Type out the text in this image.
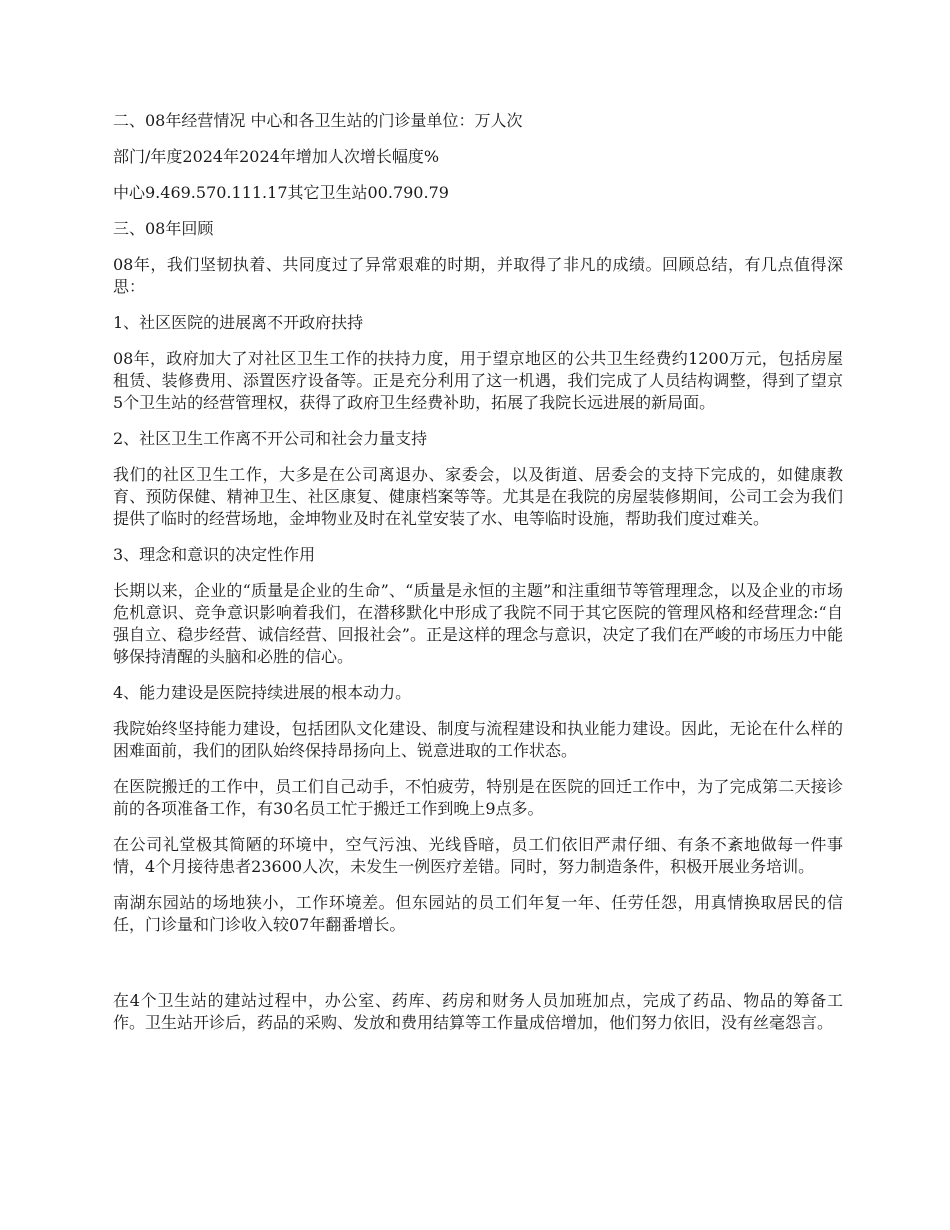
二、08年经营情况 中心和各卫生站的门诊量单位：万人次

部门/年度2024年2024年增加人次增长幅度%

中心9.469.570.111.17其它卫生站00.790.79

三、08年回顾

08年，我们坚韧执着、共同度过了异常艰难的时期，并取得了非凡的成绩。回顾总结，有几点值得深思：

1、社区医院的进展离不开政府扶持

08年，政府加大了对社区卫生工作的扶持力度，用于望京地区的公共卫生经费约1200万元，包括房屋租赁、装修费用、添置医疗设备等。正是充分利用了这一机遇，我们完成了人员结构调整，得到了望京5个卫生站的经营管理权，获得了政府卫生经费补助，拓展了我院长远进展的新局面。

2、社区卫生工作离不开公司和社会力量支持

我们的社区卫生工作，大多是在公司离退办、家委会，以及街道、居委会的支持下完成的，如健康教育、预防保健、精神卫生、社区康复、健康档案等等。尤其是在我院的房屋装修期间，公司工会为我们提供了临时的经营场地，金坤物业及时在礼堂安装了水、电等临时设施，帮助我们度过难关。

3、理念和意识的决定性作用

长期以来，企业的“质量是企业的生命”、“质量是永恒的主题”和注重细节等管理理念，以及企业的市场危机意识、竞争意识影响着我们，在潜移默化中形成了我院不同于其它医院的管理风格和经营理念:“自强自立、稳步经营、诚信经营、回报社会”。正是这样的理念与意识，决定了我们在严峻的市场压力中能够保持清醒的头脑和必胜的信心。

4、能力建设是医院持续进展的根本动力。

我院始终坚持能力建设，包括团队文化建设、制度与流程建设和执业能力建设。因此，无论在什么样的困难面前，我们的团队始终保持昂扬向上、锐意进取的工作状态。

在医院搬迁的工作中，员工们自己动手，不怕疲劳，特别是在医院的回迁工作中，为了完成第二天接诊前的各项准备工作，有30名员工忙于搬迁工作到晚上9点多。

在公司礼堂极其简陋的环境中，空气污浊、光线昏暗，员工们依旧严肃仔细、有条不紊地做每一件事情，4个月接待患者23600人次，未发生一例医疗差错。同时，努力制造条件，积极开展业务培训。

南湖东园站的场地狭小，工作环境差。但东园站的员工们年复一年、任劳任怨，用真情换取居民的信任，门诊量和门诊收入较07年翻番增长。

在4个卫生站的建站过程中，办公室、药库、药房和财务人员加班加点，完成了药品、物品的筹备工作。卫生站开诊后，药品的采购、发放和费用结算等工作量成倍增加，他们努力依旧，没有丝毫怨言。
